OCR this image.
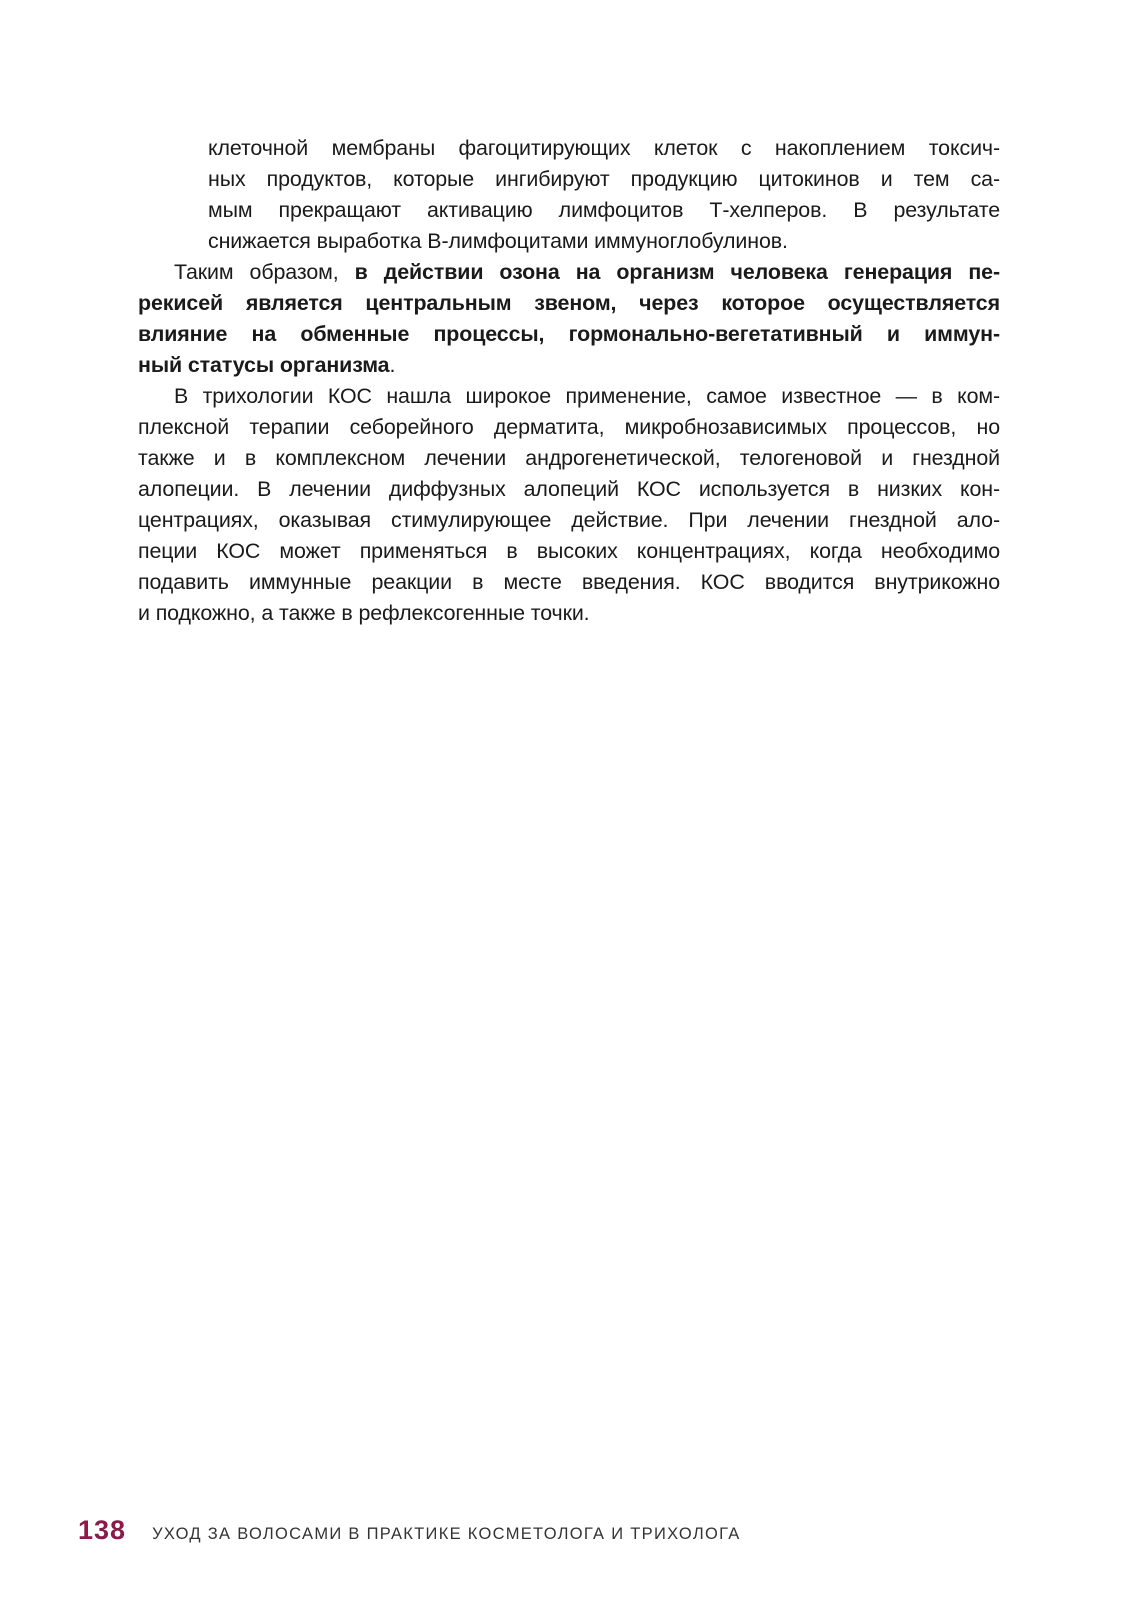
клеточной мембраны фагоцитирующих клеток с накоплением токсич-
ных продуктов, которые ингибируют продукцию цитокинов и тем са-
мым прекращают активацию лимфоцитов Т-хелперов. В результате
снижается выработка В-лимфоцитами иммуноглобулинов.

Таким образом, в действии озона на организм человека генерация пе-
рекисей является центральным звеном, через которое осуществляется
влияние на обменные процессы, гормонально-вегетативный и иммун-
ный статусы организма.

В трихологии КОС нашла широкое применение, самое известное — в ком-
плексной терапии себорейного дерматита, микробнозависимых процессов, но
также и в комплексном лечении андрогенетической, телогеновой и гнездной
алопеции. В лечении диффузных алопеций КОС используется в низких кон-
центрациях, оказывая стимулирующее действие. При лечении гнездной ало-
пеции КОС может применяться в высоких концентрациях, когда необходимо
подавить иммунные реакции в месте введения. КОС вводится внутрикожно
и подкожно, а также в рефлексогенные точки.

138 УХОД ЗА ВОЛОСАМИ В ПРАКТИКЕ КОСМЕТОЛОГА И ТРИХОЛОГА
